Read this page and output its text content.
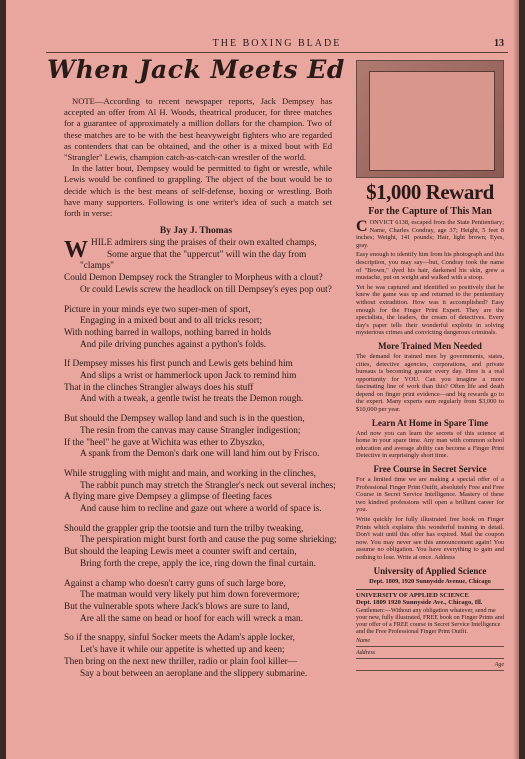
THE BOXING BLADE	13
When Jack Meets Ed

NOTE—According to recent newspaper reports, Jack Dempsey has accepted an offer from Al H. Woods, theatrical producer, for three matches for a guarantee of approximately a million dollars for the champion. Two of these matches are to be with the best heavyweight fighters who are regarded as contenders that can be obtained, and the other is a mixed bout with Ed "Strangler" Lewis, champion catch-as-catch-can wrestler of the world.

In the latter bout, Dempsey would be permitted to fight or wrestle, while Lewis would be confined to grappling. The object of the bout would be to decide which is the best means of self-defense, boxing or wrestling. Both have many supporters. Following is one writer's idea of such a match set forth in verse:

By Jay J. Thomas
W HILE admirers sing the praises of their own exalted champs,
Some argue that the "uppercut" will win the day from
"clamps"
Could Demon Dempsey rock the Strangler to Morpheus with a clout?
Or could Lewis screw the headlock on till Dempsey's eyes pop out?
Picture in your minds eye two super-men of sport,
Engaging in a mixed bout and to all tricks resort;
With nothing barred in wallops, nothing barred in holds
And pile driving punches against a python's folds.
If Dempsey misses his first punch and Lewis gets behind him
And slips a wrist or hammerlock upon Jack to remind him
That in the clinches Strangler always does his stuff
And with a tweak, a gentle twist he treats the Demon rough.
But should the Dempsey wallop land and such is in the question,
The resin from the canvas may cause Strangler indigestion;
If the "heel" he gave at Wichita was ether to Zbyszko,
A spank from the Demon's dark one will land him out by Frisco.
While struggling with might and main, and working in the clinches,
The rabbit punch may stretch the Strangler's neck out several inches;
A flying mare give Dempsey a glimpse of fleeting faces
And cause him to recline and gaze out where a world of space is.
Should the grappler grip the tootsie and turn the trilby tweaking,
The perspiration might burst forth and cause the pug some shrieking;
But should the leaping Lewis meet a counter swift and certain,
Bring forth the crepe, apply the ice, ring down the final curtain.
Against a champ who doesn't carry guns of such large bore,
The matman would very likely put him down forevermore;
But the vulnerable spots where Jack's blows are sure to land,
Are all the same on head or hoof for each will wreck a man.
So if the snappy, sinful Socker meets the Adam's apple locker,
Let's have it while our appetite is whetted up and keen;
Then bring on the next new thriller, radio or plain fool killer—
Say a bout between an aeroplane and the slippery submarine.
$1,000 Reward
For the Capture of This Man

CONVICT 6138, escaped from the State Penitentiary; Name, Charles Condray, age 37; Height, 5 feet 8 inches; Weight, 141 pounds; Hair, light brown; Eyes, gray.

Easy enough to identify him from his photograph and this description, you may say—but, Condray took the name of "Brown," dyed his hair, darkened his skin, grew a mustache, put on weight and walked with a stoop.

Yet he was captured and identified so positively that he knew the game was up and returned to the penitentiary without extradition. How was it accomplished? Easy enough for the Finger Print Expert. They are the specialists, the leaders, the cream of detectives. Every day's paper tells their wonderful exploits in solving mysterious crimes and convicting dangerous criminals.

More Trained Men Needed
The demand for trained men by governments, states, cities, detective agencies, corporations, and private bureaus is becoming greater every day. Here is a real opportunity for YOU. Can you imagine a more fascinating line of work than this? Often life and death depend on finger print evidence—and big rewards go to the expert. Many experts earn regularly from $3,000 to $10,000 per year.
Learn At Home in Spare Time
And now you can learn the secrets of this science at home in your spare time. Any man with common school education and average ability can become a Finger Print Detective in surprisingly short time.
Free Course in Secret Service
For a limited time we are making a special offer of a Professional Finger Print Outfit, absolutely Free and Free Course in Secret Service Intelligence. Mastery of these two kindred professions will open a brilliant career for you.
Write quickly for fully illustrated free book on Finger Prints which explains this wonderful training in detail. Don't wait until this offer has expired. Mail the coupon now. You may never see this announcement again! You assume no obligation. You have everything to gain and nothing to lose. Write at once. Address
University of Applied Science
Dept. 1809, 1920 Sunnyside Avenue, Chicago
UNIVERSITY OF APPLIED SCIENCE
Dept. 1809 1920 Sunnyside Ave., Chicago, Ill.
Gentlemen:—Without any obligation whatever, send me your new, fully illustrated, FREE book on Finger Prints and your offer of a FREE course in Secret Service Intelligence and the Free Professional Finger Print Outfit.
Name
Address
Age
